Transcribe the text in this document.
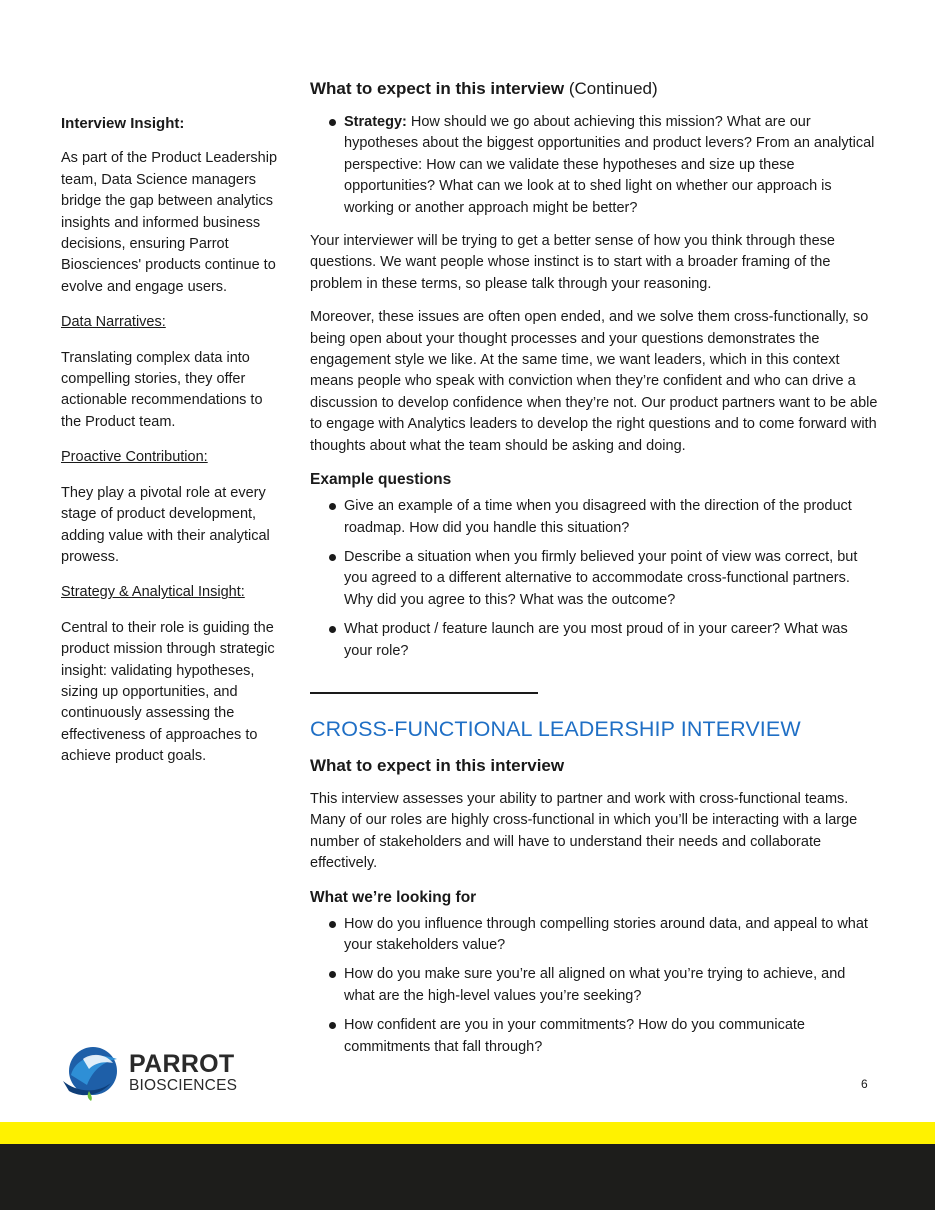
Interview Insight:

As part of the Product Leadership team, Data Science managers bridge the gap between analytics insights and informed business decisions, ensuring Parrot Biosciences' products continue to evolve and engage users.

Data Narratives:

Translating complex data into compelling stories, they offer actionable recommendations to the Product team.

Proactive Contribution:

They play a pivotal role at every stage of product development, adding value with their analytical prowess.

Strategy & Analytical Insight:

Central to their role is guiding the product mission through strategic insight: validating hypotheses, sizing up opportunities, and continuously assessing the effectiveness of approaches to achieve product goals.

What to expect in this interview (Continued)
Strategy: How should we go about achieving this mission? What are our hypotheses about the biggest opportunities and product levers? From an analytical perspective: How can we validate these hypotheses and size up these opportunities? What can we look at to shed light on whether our approach is working or another approach might be better?

Your interviewer will be trying to get a better sense of how you think through these questions. We want people whose instinct is to start with a broader framing of the problem in these terms, so please talk through your reasoning.

Moreover, these issues are often open ended, and we solve them cross-functionally, so being open about your thought processes and your questions demonstrates the engagement style we like. At the same time, we want leaders, which in this context means people who speak with conviction when they’re confident and who can drive a discussion to develop confidence when they’re not. Our product partners want to be able to engage with Analytics leaders to develop the right questions and to come forward with thoughts about what the team should be asking and doing.

Example questions
Give an example of a time when you disagreed with the direction of the product roadmap. How did you handle this situation?
Describe a situation when you firmly believed your point of view was correct, but you agreed to a different alternative to accommodate cross-functional partners. Why did you agree to this? What was the outcome?
What product / feature launch are you most proud of in your career? What was your role?
CROSS-FUNCTIONAL LEADERSHIP INTERVIEW
What to expect in this interview

This interview assesses your ability to partner and work with cross-functional teams. Many of our roles are highly cross-functional in which you’ll be interacting with a large number of stakeholders and will have to understand their needs and collaborate effectively.

What we’re looking for
How do you influence through compelling stories around data, and appeal to what your stakeholders value?
How do you make sure you’re all aligned on what you’re trying to achieve, and what are the high-level values you’re seeking?
How confident are you in your commitments? How do you communicate commitments that fall through?
PARROT
BIOSCIENCES	6
